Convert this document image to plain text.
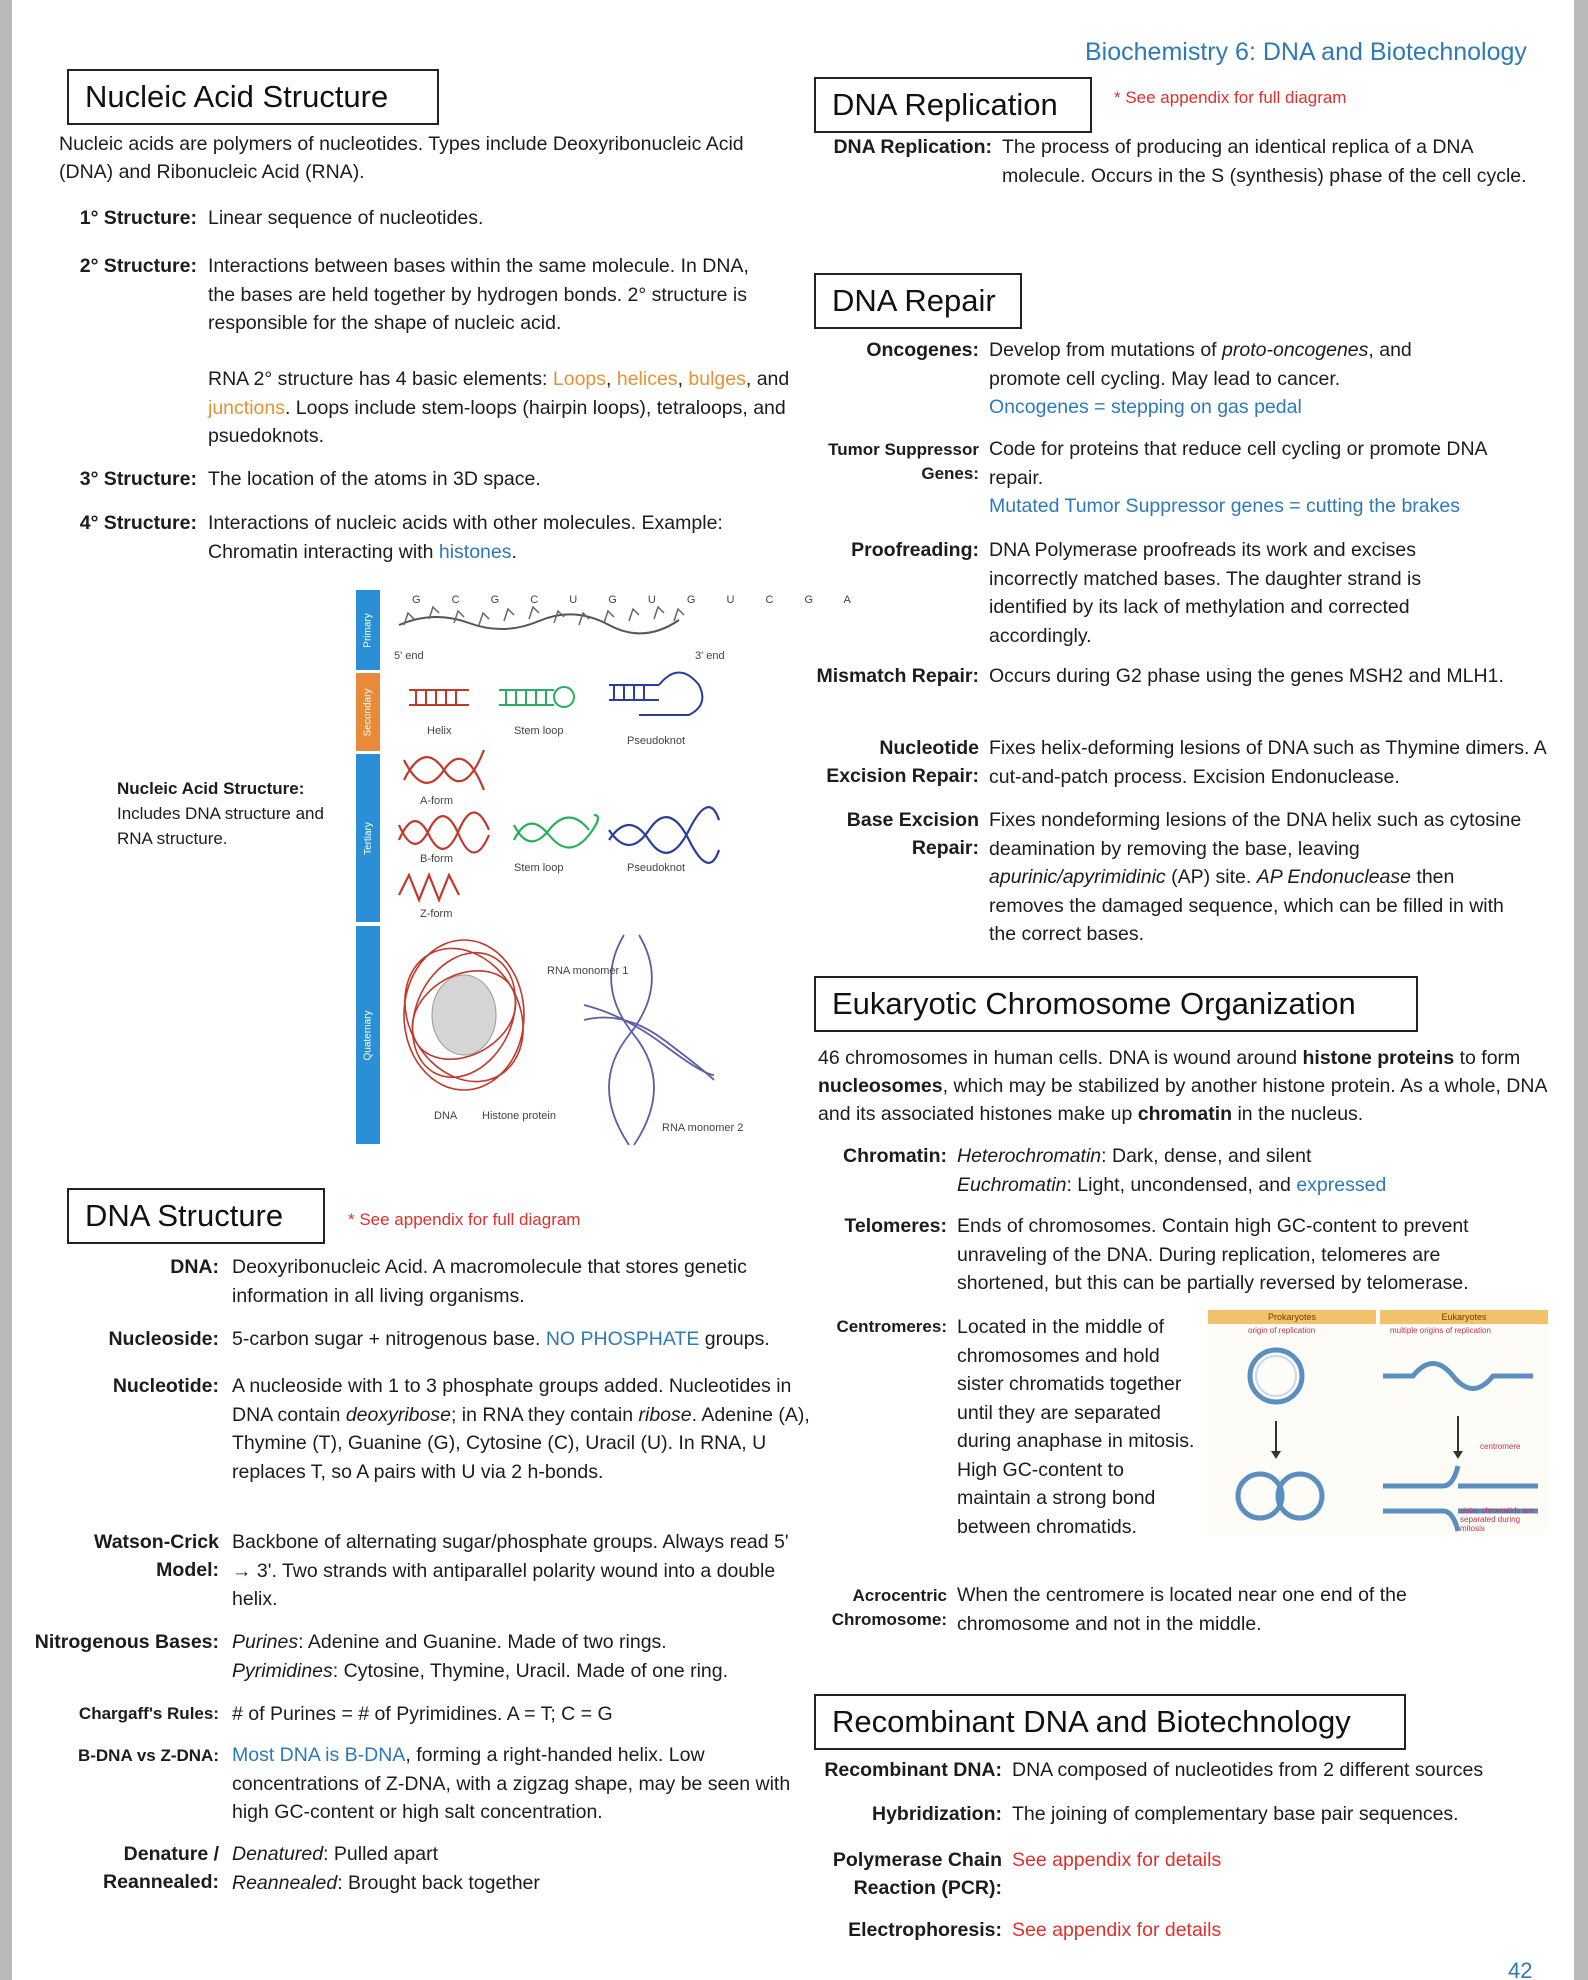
Biochemistry 6: DNA and Biotechnology
Nucleic Acid Structure
Nucleic acids are polymers of nucleotides. Types include Deoxyribonucleic Acid (DNA) and Ribonucleic Acid (RNA).
1° Structure: Linear sequence of nucleotides.
2° Structure: Interactions between bases within the same molecule. In DNA, the bases are held together by hydrogen bonds. 2° structure is responsible for the shape of nucleic acid.
RNA 2° structure has 4 basic elements: Loops, helices, bulges, and junctions. Loops include stem-loops (hairpin loops), tetraloops, and psuedoknots.
3° Structure: The location of the atoms in 3D space.
4° Structure: Interactions of nucleic acids with other molecules. Example: Chromatin interacting with histones.
Nucleic Acid Structure:
Includes DNA structure and RNA structure.
Primary
Secondary
Tertiary
Quaternary
5' end	3' end
G C G C U G U G U C G A
Helix	Stem loop
Pseudoknot
A-form
B-form
Stem loop	Pseudoknot
Z-form
RNA monomer 1
DNA Histone protein
RNA monomer 2
DNA Structure	* See appendix for full diagram
DNA: Deoxyribonucleic Acid. A macromolecule that stores genetic information in all living organisms.
Nucleoside: 5-carbon sugar + nitrogenous base. NO PHOSPHATE groups.
Nucleotide: A nucleoside with 1 to 3 phosphate groups added. Nucleotides in DNA contain deoxyribose; in RNA they contain ribose. Adenine (A), Thymine (T), Guanine (G), Cytosine (C), Uracil (U). In RNA, U replaces T, so A pairs with U via 2 h-bonds.
Watson-Crick Model:
Backbone of alternating sugar/phosphate groups. Always read 5' → 3'. Two strands with antiparallel polarity wound into a double helix.
Nitrogenous Bases: Purines: Adenine and Guanine. Made of two rings.
Pyrimidines: Cytosine, Thymine, Uracil. Made of one ring.
Chargaff's Rules: # of Purines = # of Pyrimidines. A = T; C = G
B-DNA vs Z-DNA: Most DNA is B-DNA, forming a right-handed helix. Low concentrations of Z-DNA, with a zigzag shape, may be seen with high GC-content or high salt concentration.
Denature / Reannealed:
Denatured: Pulled apart
Reannealed: Brought back together
DNA Replication	* See appendix for full diagram
DNA Replication: The process of producing an identical replica of a DNA molecule. Occurs in the S (synthesis) phase of the cell cycle.
DNA Repair
Oncogenes: Develop from mutations of proto-oncogenes, and
promote cell cycling. May lead to cancer.
Oncogenes = stepping on gas pedal
Tumor Suppressor Genes:
Code for proteins that reduce cell cycling or promote DNA repair.
Mutated Tumor Suppressor genes = cutting the brakes
Proofreading: DNA Polymerase proofreads its work and excises incorrectly matched bases. The daughter strand is identified by its lack of methylation and corrected accordingly.
Mismatch Repair: Occurs during G2 phase using the genes MSH2 and MLH1.
Nucleotide Excision Repair:
Fixes helix-deforming lesions of DNA such as Thymine dimers. A cut-and-patch process. Excision Endonuclease.
Base Excision Repair:
Fixes nondeforming lesions of the DNA helix such as cytosine deamination by removing the base, leaving apurinic/apyrimidinic (AP) site. AP Endonuclease then removes the damaged sequence, which can be filled in with the correct bases.
Eukaryotic Chromosome Organization
46 chromosomes in human cells. DNA is wound around histone proteins to form nucleosomes, which may be stabilized by another histone protein. As a whole, DNA and its associated histones make up chromatin in the nucleus.
Chromatin: Heterochromatin: Dark, dense, and silent
Euchromatin: Light, uncondensed, and expressed
Telomeres: Ends of chromosomes. Contain high GC-content to prevent unraveling of the DNA. During replication, telomeres are shortened, but this can be partially reversed by telomerase.
Centromeres: Located in the middle of chromosomes and hold sister chromatids together until they are separated during anaphase in mitosis. High GC-content to maintain a strong bond between chromatids.
Prokaryotes	Eukaryotes
origin of replication	multiple origins of replication
centromere
sister chromatids are separated during mitosis
Acrocentric Chromosome:
When the centromere is located near one end of the chromosome and not in the middle.
Recombinant DNA and Biotechnology
Recombinant DNA: DNA composed of nucleotides from 2 different sources
Hybridization: The joining of complementary base pair sequences.
Polymerase Chain Reaction (PCR):
See appendix for details
Electrophoresis: See appendix for details
42
